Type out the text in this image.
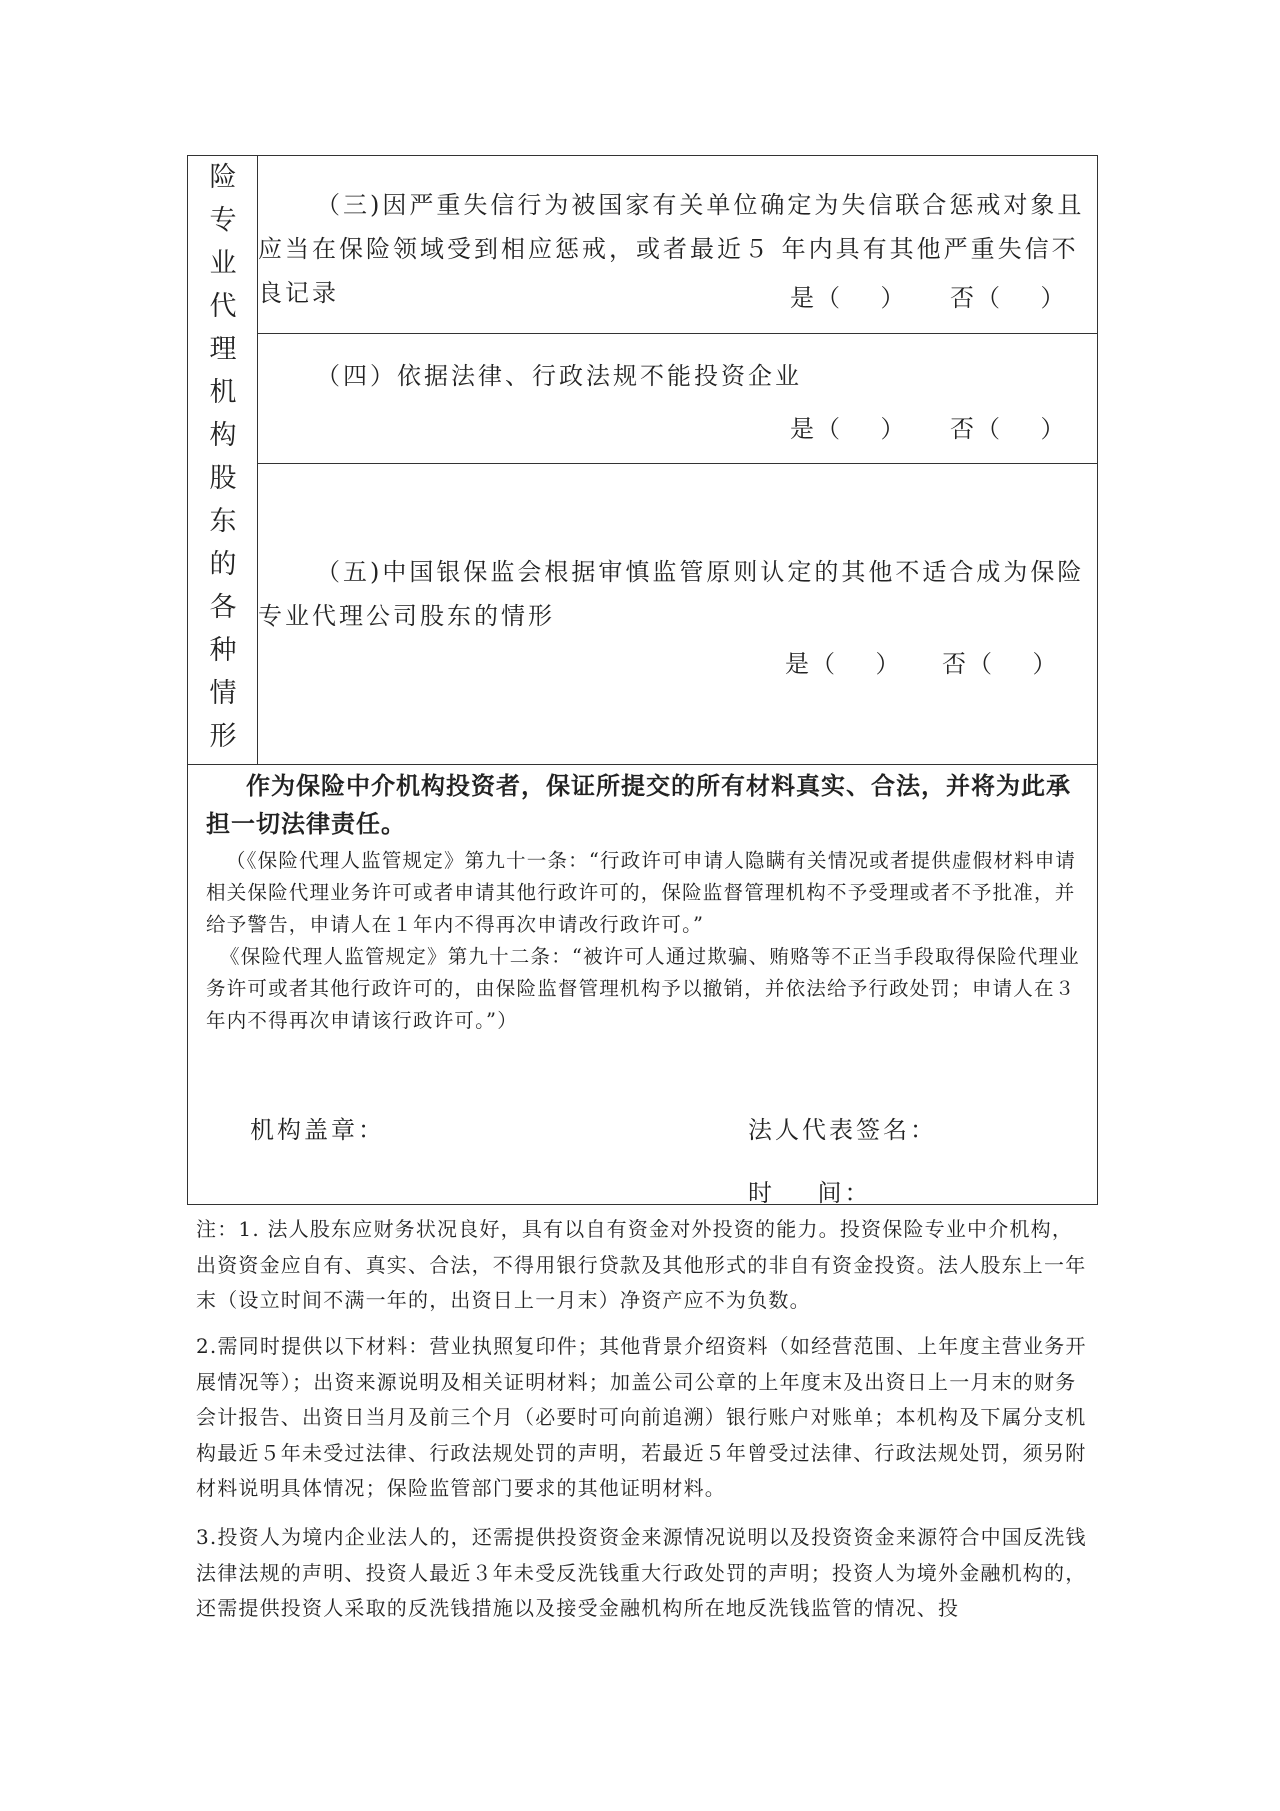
险
专
业
代
理
机
构
股
东
的
各
种
情
形
（三)因严重失信行为被国家有关单位确定为失信联合惩戒对象且应当在保险领域受到相应惩戒，或者最近５ 年内具有其他严重失信不良记录	是（    ） 否（    ）
（四）依据法律、行政法规不能投资企业
是（    ） 否（    ）
（五)中国银保监会根据审慎监管原则认定的其他不适合成为保险专业代理公司股东的情形
是（    ） 否（    ）
作为保险中介机构投资者，保证所提交的所有材料真实、合法，并将为此承担一切法律责任。
（《保险代理人监管规定》第九十一条：“行政许可申请人隐瞒有关情况或者提供虚假材料申请相关保险代理业务许可或者申请其他行政许可的，保险监督管理机构不予受理或者不予批准，并给予警告，申请人在１年内不得再次申请改行政许可。”
《保险代理人监管规定》第九十二条：“被许可人通过欺骗、贿赂等不正当手段取得保险代理业务许可或者其他行政许可的，由保险监督管理机构予以撤销，并依法给予行政处罚；申请人在３年内不得再次申请该行政许可。”）
机构盖章：	法人代表签名：
时    间：
注：1. 法人股东应财务状况良好，具有以自有资金对外投资的能力。投资保险专业中介机构，出资资金应自有、真实、合法，不得用银行贷款及其他形式的非自有资金投资。法人股东上一年末（设立时间不满一年的，出资日上一月末）净资产应不为负数。
2.需同时提供以下材料：营业执照复印件；其他背景介绍资料（如经营范围、上年度主营业务开展情况等）；出资来源说明及相关证明材料；加盖公司公章的上年度末及出资日上一月末的财务会计报告、出资日当月及前三个月（必要时可向前追溯）银行账户对账单；本机构及下属分支机构最近５年未受过法律、行政法规处罚的声明，若最近５年曾受过法律、行政法规处罚，须另附材料说明具体情况；保险监管部门要求的其他证明材料。
3.投资人为境内企业法人的，还需提供投资资金来源情况说明以及投资资金来源符合中国反洗钱法律法规的声明、投资人最近３年未受反洗钱重大行政处罚的声明；投资人为境外金融机构的，还需提供投资人采取的反洗钱措施以及接受金融机构所在地反洗钱监管的情况、投
